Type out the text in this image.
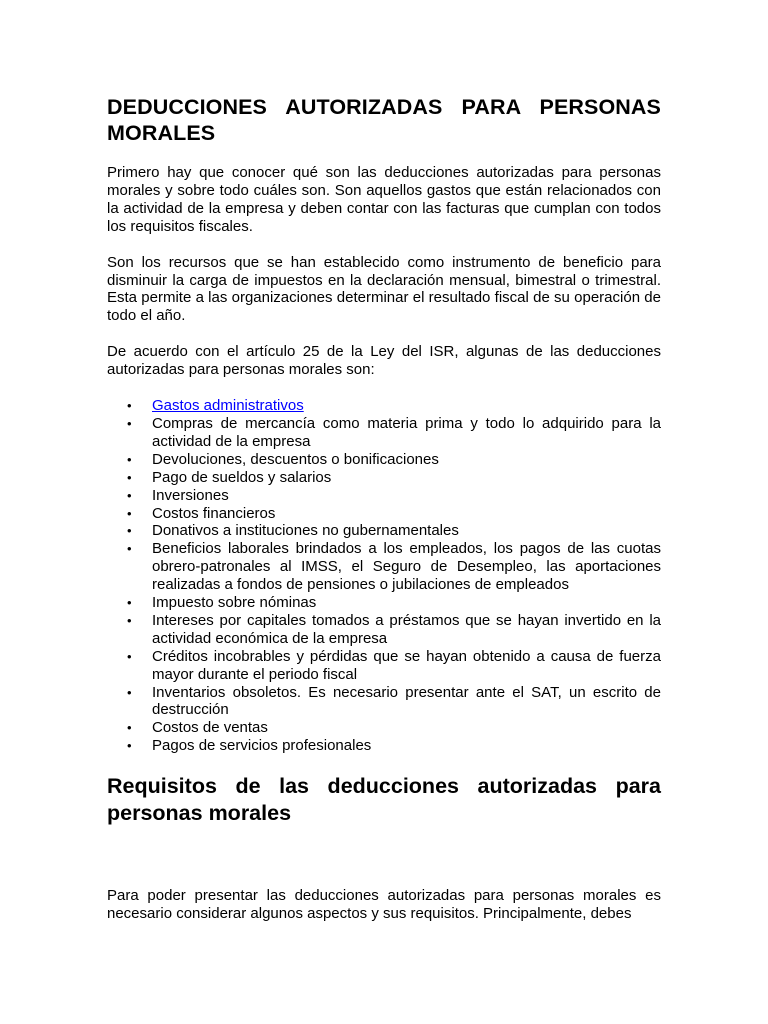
DEDUCCIONES AUTORIZADAS PARA PERSONAS MORALES

Primero hay que conocer qué son las deducciones autorizadas para personas morales y sobre todo cuáles son. Son aquellos gastos que están relacionados con la actividad de la empresa y deben contar con las facturas que cumplan con todos los requisitos fiscales.

Son los recursos que se han establecido como instrumento de beneficio para disminuir la carga de impuestos en la declaración mensual, bimestral o trimestral. Esta permite a las organizaciones determinar el resultado fiscal de su operación de todo el año.

De acuerdo con el artículo 25 de la Ley del ISR, algunas de las deducciones autorizadas para personas morales son:

• Gastos administrativos
• Compras de mercancía como materia prima y todo lo adquirido para la actividad de la empresa
• Devoluciones, descuentos o bonificaciones
• Pago de sueldos y salarios
• Inversiones
• Costos financieros
• Donativos a instituciones no gubernamentales
• Beneficios laborales brindados a los empleados, los pagos de las cuotas obrero-patronales al IMSS, el Seguro de Desempleo, las aportaciones realizadas a fondos de pensiones o jubilaciones de empleados
• Impuesto sobre nóminas
• Intereses por capitales tomados a préstamos que se hayan invertido en la actividad económica de la empresa
• Créditos incobrables y pérdidas que se hayan obtenido a causa de fuerza mayor durante el periodo fiscal
• Inventarios obsoletos. Es necesario presentar ante el SAT, un escrito de destrucción
• Costos de ventas
• Pagos de servicios profesionales
Requisitos de las deducciones autorizadas para personas morales

Para poder presentar las deducciones autorizadas para personas morales es necesario considerar algunos aspectos y sus requisitos. Principalmente, debes
